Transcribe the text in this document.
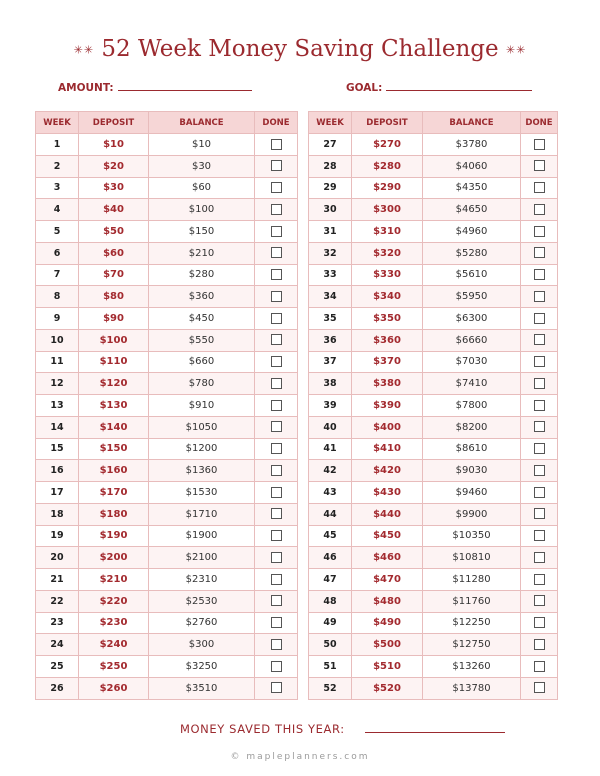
✳✳ 52 Week Money Saving Challenge ✳✳
AMOUNT:	GOAL:
WEEK	DEPOSIT	BALANCE	DONE
1	$10	$10	
2	$20	$30	
3	$30	$60	
4	$40	$100	
5	$50	$150	
6	$60	$210	
7	$70	$280	
8	$80	$360	
9	$90	$450	
10	$100	$550	
11	$110	$660	
12	$120	$780	
13	$130	$910	
14	$140	$1050	
15	$150	$1200	
16	$160	$1360	
17	$170	$1530	
18	$180	$1710	
19	$190	$1900	
20	$200	$2100	
21	$210	$2310	
22	$220	$2530	
23	$230	$2760	
24	$240	$300	
25	$250	$3250	
26	$260	$3510	
WEEK	DEPOSIT	BALANCE	DONE
27	$270	$3780	
28	$280	$4060	
29	$290	$4350	
30	$300	$4650	
31	$310	$4960	
32	$320	$5280	
33	$330	$5610	
34	$340	$5950	
35	$350	$6300	
36	$360	$6660	
37	$370	$7030	
38	$380	$7410	
39	$390	$7800	
40	$400	$8200	
41	$410	$8610	
42	$420	$9030	
43	$430	$9460	
44	$440	$9900	
45	$450	$10350	
46	$460	$10810	
47	$470	$11280	
48	$480	$11760	
49	$490	$12250	
50	$500	$12750	
51	$510	$13260	
52	$520	$13780	
MONEY SAVED THIS YEAR:
© mapleplanners.com
